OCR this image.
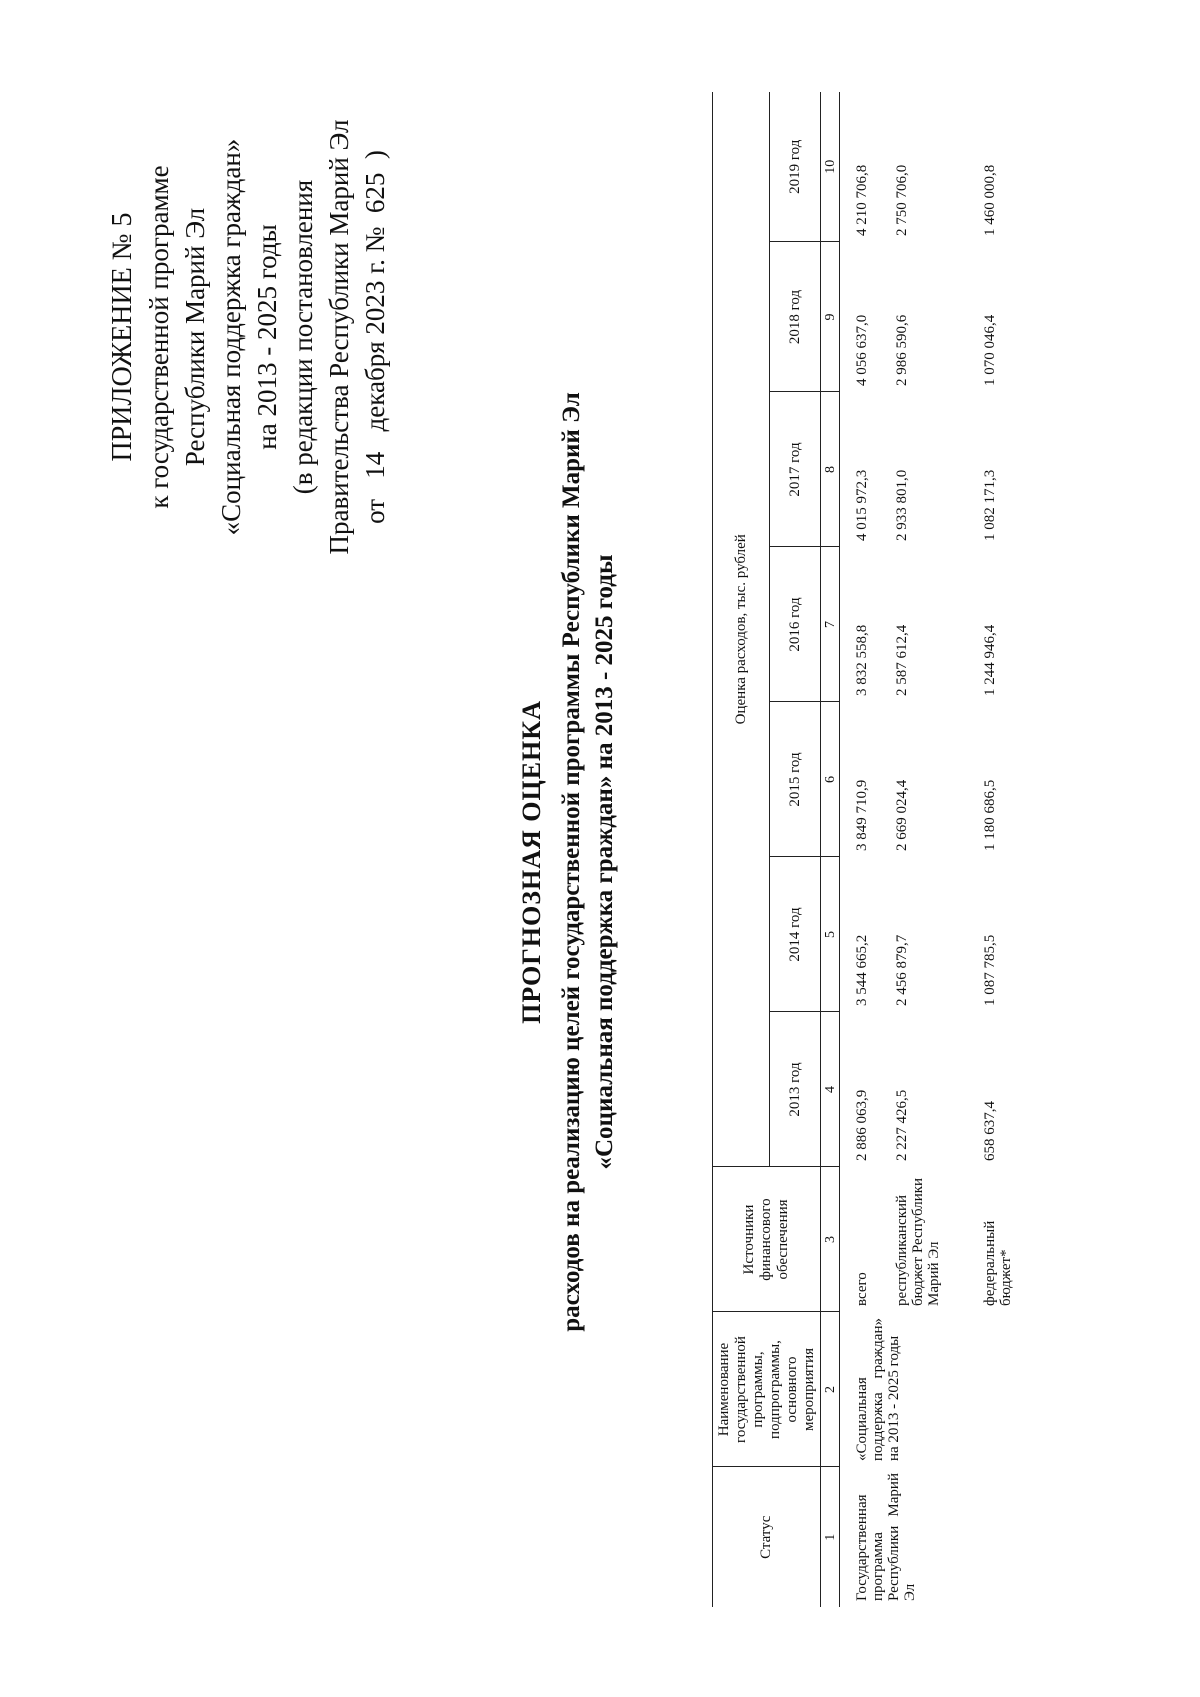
ПРИЛОЖЕНИЕ № 5 к государственной программе Республики Марий Эл «Социальная поддержка граждан» на 2013 - 2025 годы (в редакции постановления Правительства Республики Марий Эл от   14   декабря 2023 г. №  625  )
ПРОГНОЗНАЯ ОЦЕНКА расходов на реализацию целей государственной программы Республики Марий Эл «Социальная поддержка граждан» на 2013 - 2025 годы
Статус	Наименование государственной программы, подпрограммы, основного мероприятия	Источники финансового обеспечения	Оценка расходов, тыс. рублей						
			2013 год	2014 год	2015 год	2016 год	2017 год	2018 год	2019 год
1	2	3	4	5	6	7	8	9	10
Государственная программа Республики Марий Эл	«Социальная поддержка граждан» на 2013 - 2025 годы	всего	2 886 063,9	3 544 665,2	3 849 710,9	3 832 558,8	4 015 972,3	4 056 637,0	4 210 706,8
		республиканский бюджет Республики Марий Эл	2 227 426,5	2 456 879,7	2 669 024,4	2 587 612,4	2 933 801,0	2 986 590,6	2 750 706,0
		федеральный бюджет*	658 637,4	1 087 785,5	1 180 686,5	1 244 946,4	1 082 171,3	1 070 046,4	1 460 000,8
